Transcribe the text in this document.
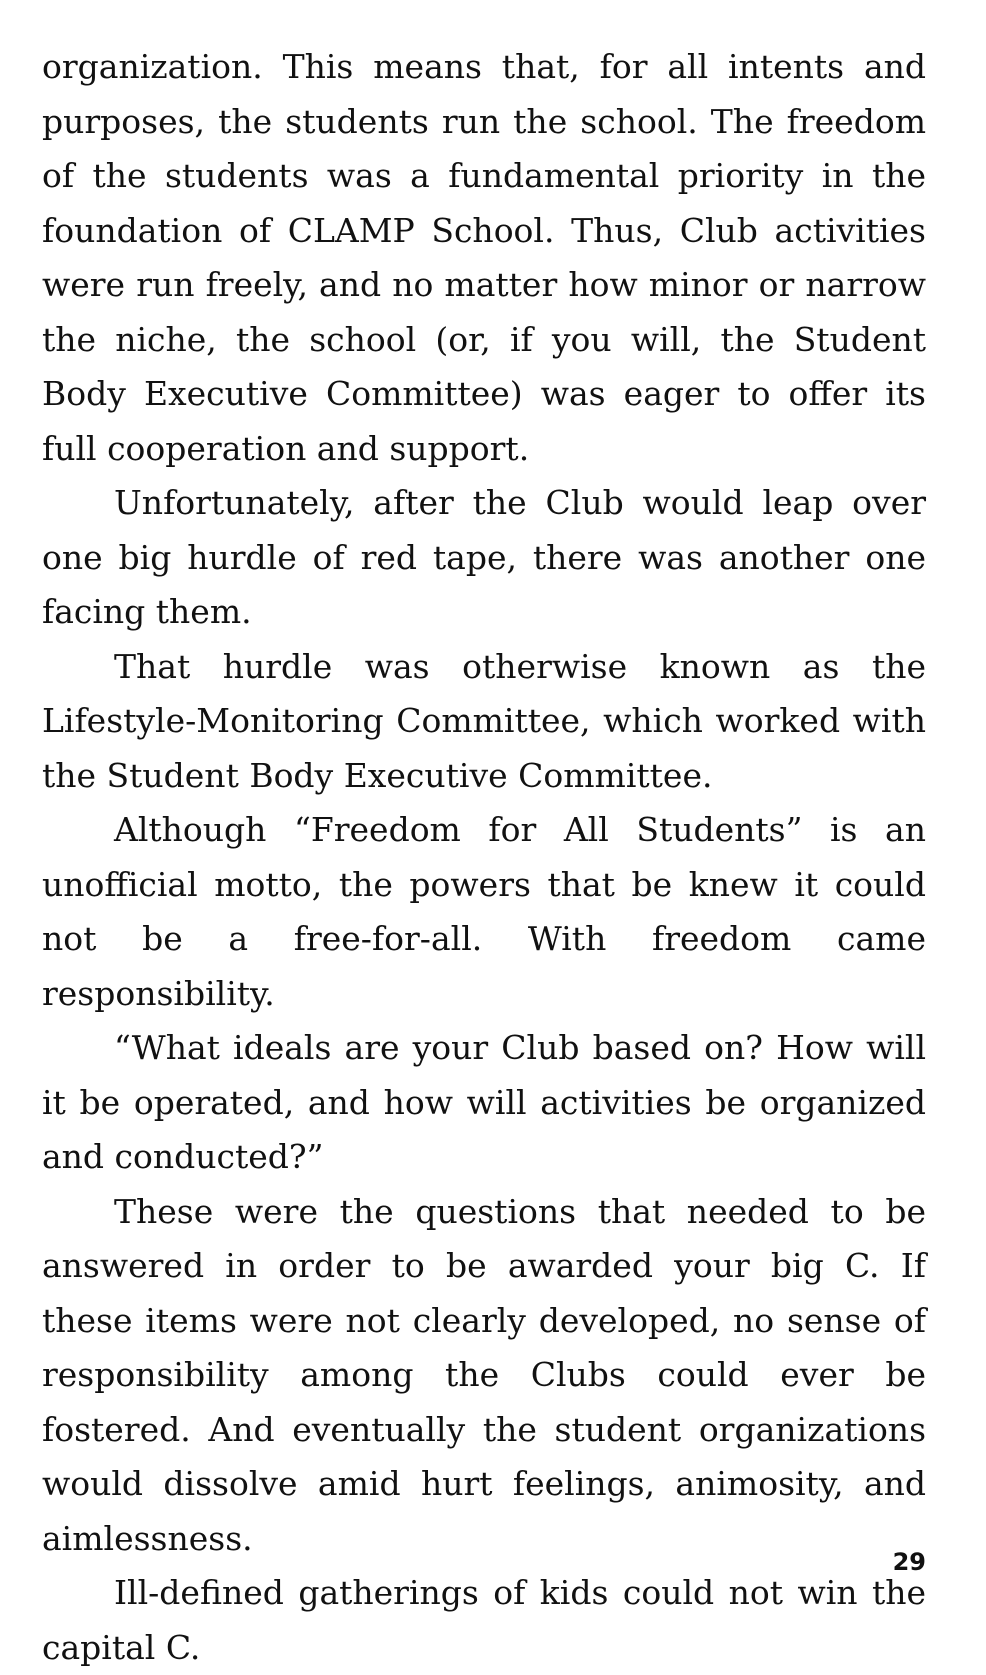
organization. This means that, for all intents and purposes, the students run the school. The freedom of the students was a fundamental priority in the foundation of CLAMP School. Thus, Club activities were run freely, and no matter how minor or narrow the niche, the school (or, if you will, the Student Body Executive Committee) was eager to offer its full cooperation and support.

Unfortunately, after the Club would leap over one big hurdle of red tape, there was another one facing them.

That hurdle was otherwise known as the Lifestyle-Monitoring Committee, which worked with the Student Body Executive Committee.

Although “Freedom for All Students” is an unofficial motto, the powers that be knew it could not be a free-for-all. With freedom came responsibility.

“What ideals are your Club based on? How will it be operated, and how will activities be organized and conducted?”

These were the questions that needed to be answered in order to be awarded your big C. If these items were not clearly developed, no sense of responsibility among the Clubs could ever be fostered. And eventually the student organizations would dissolve amid hurt feelings, animosity, and aimlessness.

Ill-defined gatherings of kids could not win the capital C.

29
